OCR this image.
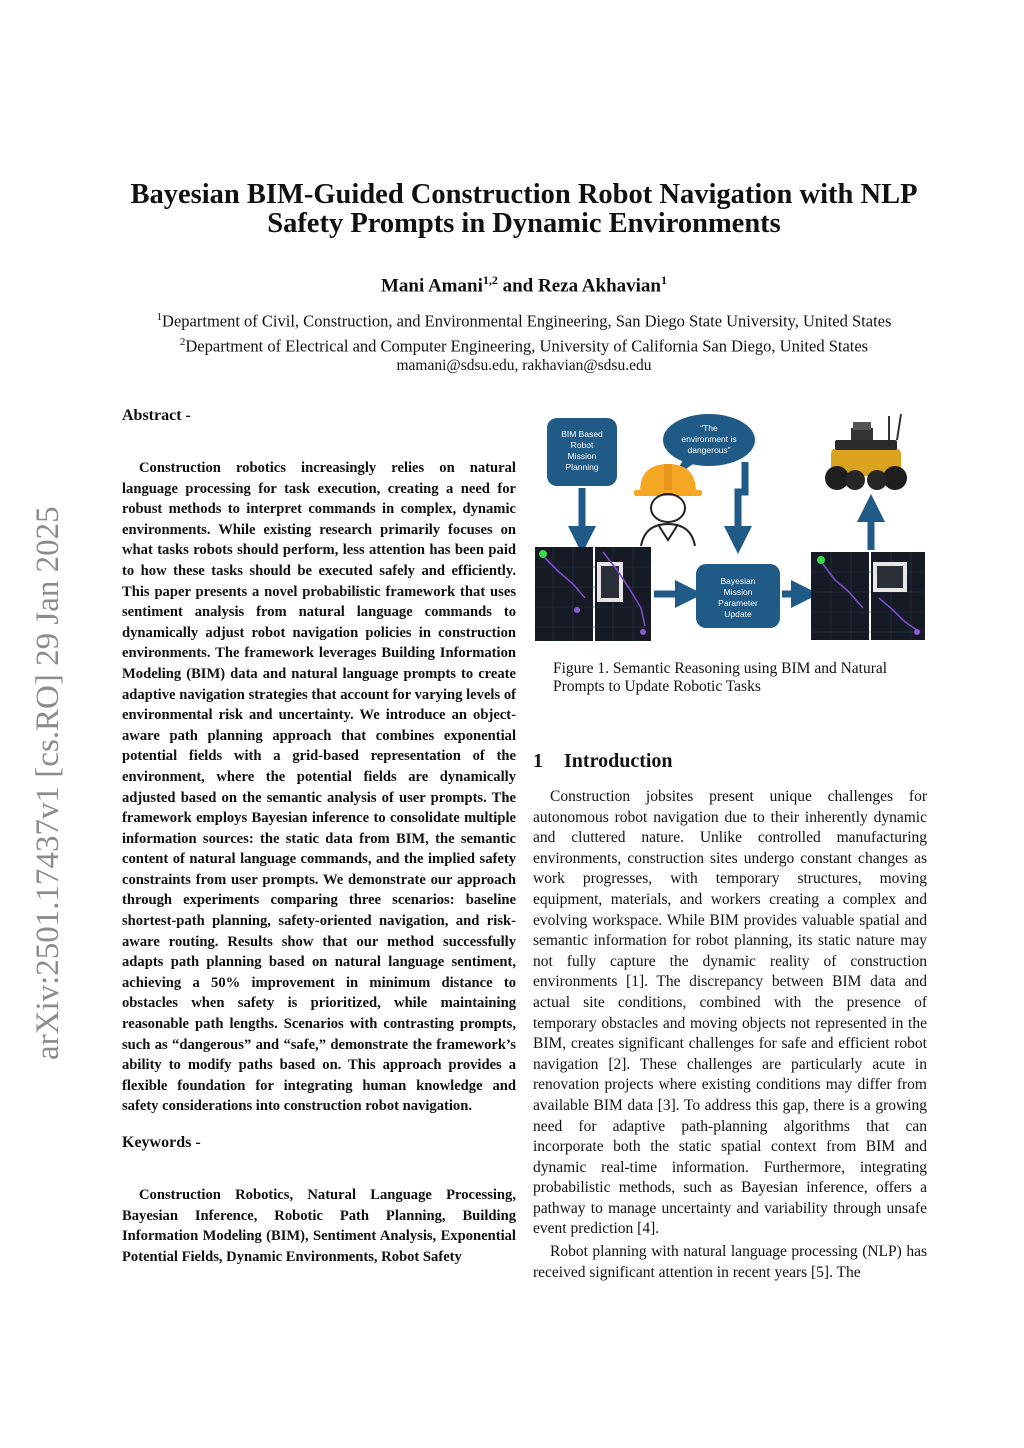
arXiv:2501.17437v1 [cs.RO] 29 Jan 2025
Bayesian BIM-Guided Construction Robot Navigation with NLP Safety Prompts in Dynamic Environments
Mani Amani$^{1,2}$ and Reza Akhavian$^1$
$^1$Department of Civil, Construction, and Environmental Engineering, San Diego State University, United States
$^2$Department of Electrical and Computer Engineering, University of California San Diego, United States
mamani@sdsu.edu, rakhavian@sdsu.edu

Abstract -

Construction robotics increasingly relies on natural language processing for task execution, creating a need for robust methods to interpret commands in complex, dynamic environments. While existing research primarily focuses on what tasks robots should perform, less attention has been paid to how these tasks should be executed safely and efficiently. This paper presents a novel probabilistic framework that uses sentiment analysis from natural language commands to dynamically adjust robot navigation policies in construction environments. The framework leverages Building Information Modeling (BIM) data and natural language prompts to create adaptive navigation strategies that account for varying levels of environmental risk and uncertainty. We introduce an object-aware path planning approach that combines exponential potential fields with a grid-based representation of the environment, where the potential fields are dynamically adjusted based on the semantic analysis of user prompts. The framework employs Bayesian inference to consolidate multiple information sources: the static data from BIM, the semantic content of natural language commands, and the implied safety constraints from user prompts. We demonstrate our approach through experiments comparing three scenarios: baseline shortest-path planning, safety-oriented navigation, and risk-aware routing. Results show that our method successfully adapts path planning based on natural language sentiment, achieving a 50% improvement in minimum distance to obstacles when safety is prioritized, while maintaining reasonable path lengths. Scenarios with contrasting prompts, such as “dangerous” and “safe,” demonstrate the framework’s ability to modify paths based on. This approach provides a flexible foundation for integrating human knowledge and safety considerations into construction robot navigation.

Keywords -

Construction Robotics, Natural Language Processing, Bayesian Inference, Robotic Path Planning, Building Information Modeling (BIM), Sentiment Analysis, Exponential Potential Fields, Dynamic Environments, Robot Safety

BIM Based
Robot
Mission
Planning
“The
environment is
dangerous”
Bayesian
Mission
Parameter
Update
Figure 1. Semantic Reasoning using BIM and Natural Prompts to Update Robotic Tasks
1 Introduction

Construction jobsites present unique challenges for autonomous robot navigation due to their inherently dynamic and cluttered nature. Unlike controlled manufacturing environments, construction sites undergo constant changes as work progresses, with temporary structures, moving equipment, materials, and workers creating a complex and evolving workspace. While BIM provides valuable spatial and semantic information for robot planning, its static nature may not fully capture the dynamic reality of construction environments [1]. The discrepancy between BIM data and actual site conditions, combined with the presence of temporary obstacles and moving objects not represented in the BIM, creates significant challenges for safe and efficient robot navigation [2]. These challenges are particularly acute in renovation projects where existing conditions may differ from available BIM data [3]. To address this gap, there is a growing need for adaptive path-planning algorithms that can incorporate both the static spatial context from BIM and dynamic real-time information. Furthermore, integrating probabilistic methods, such as Bayesian inference, offers a pathway to manage uncertainty and variability through unsafe event prediction [4].

Robot planning with natural language processing (NLP) has received significant attention in recent years [5]. The
